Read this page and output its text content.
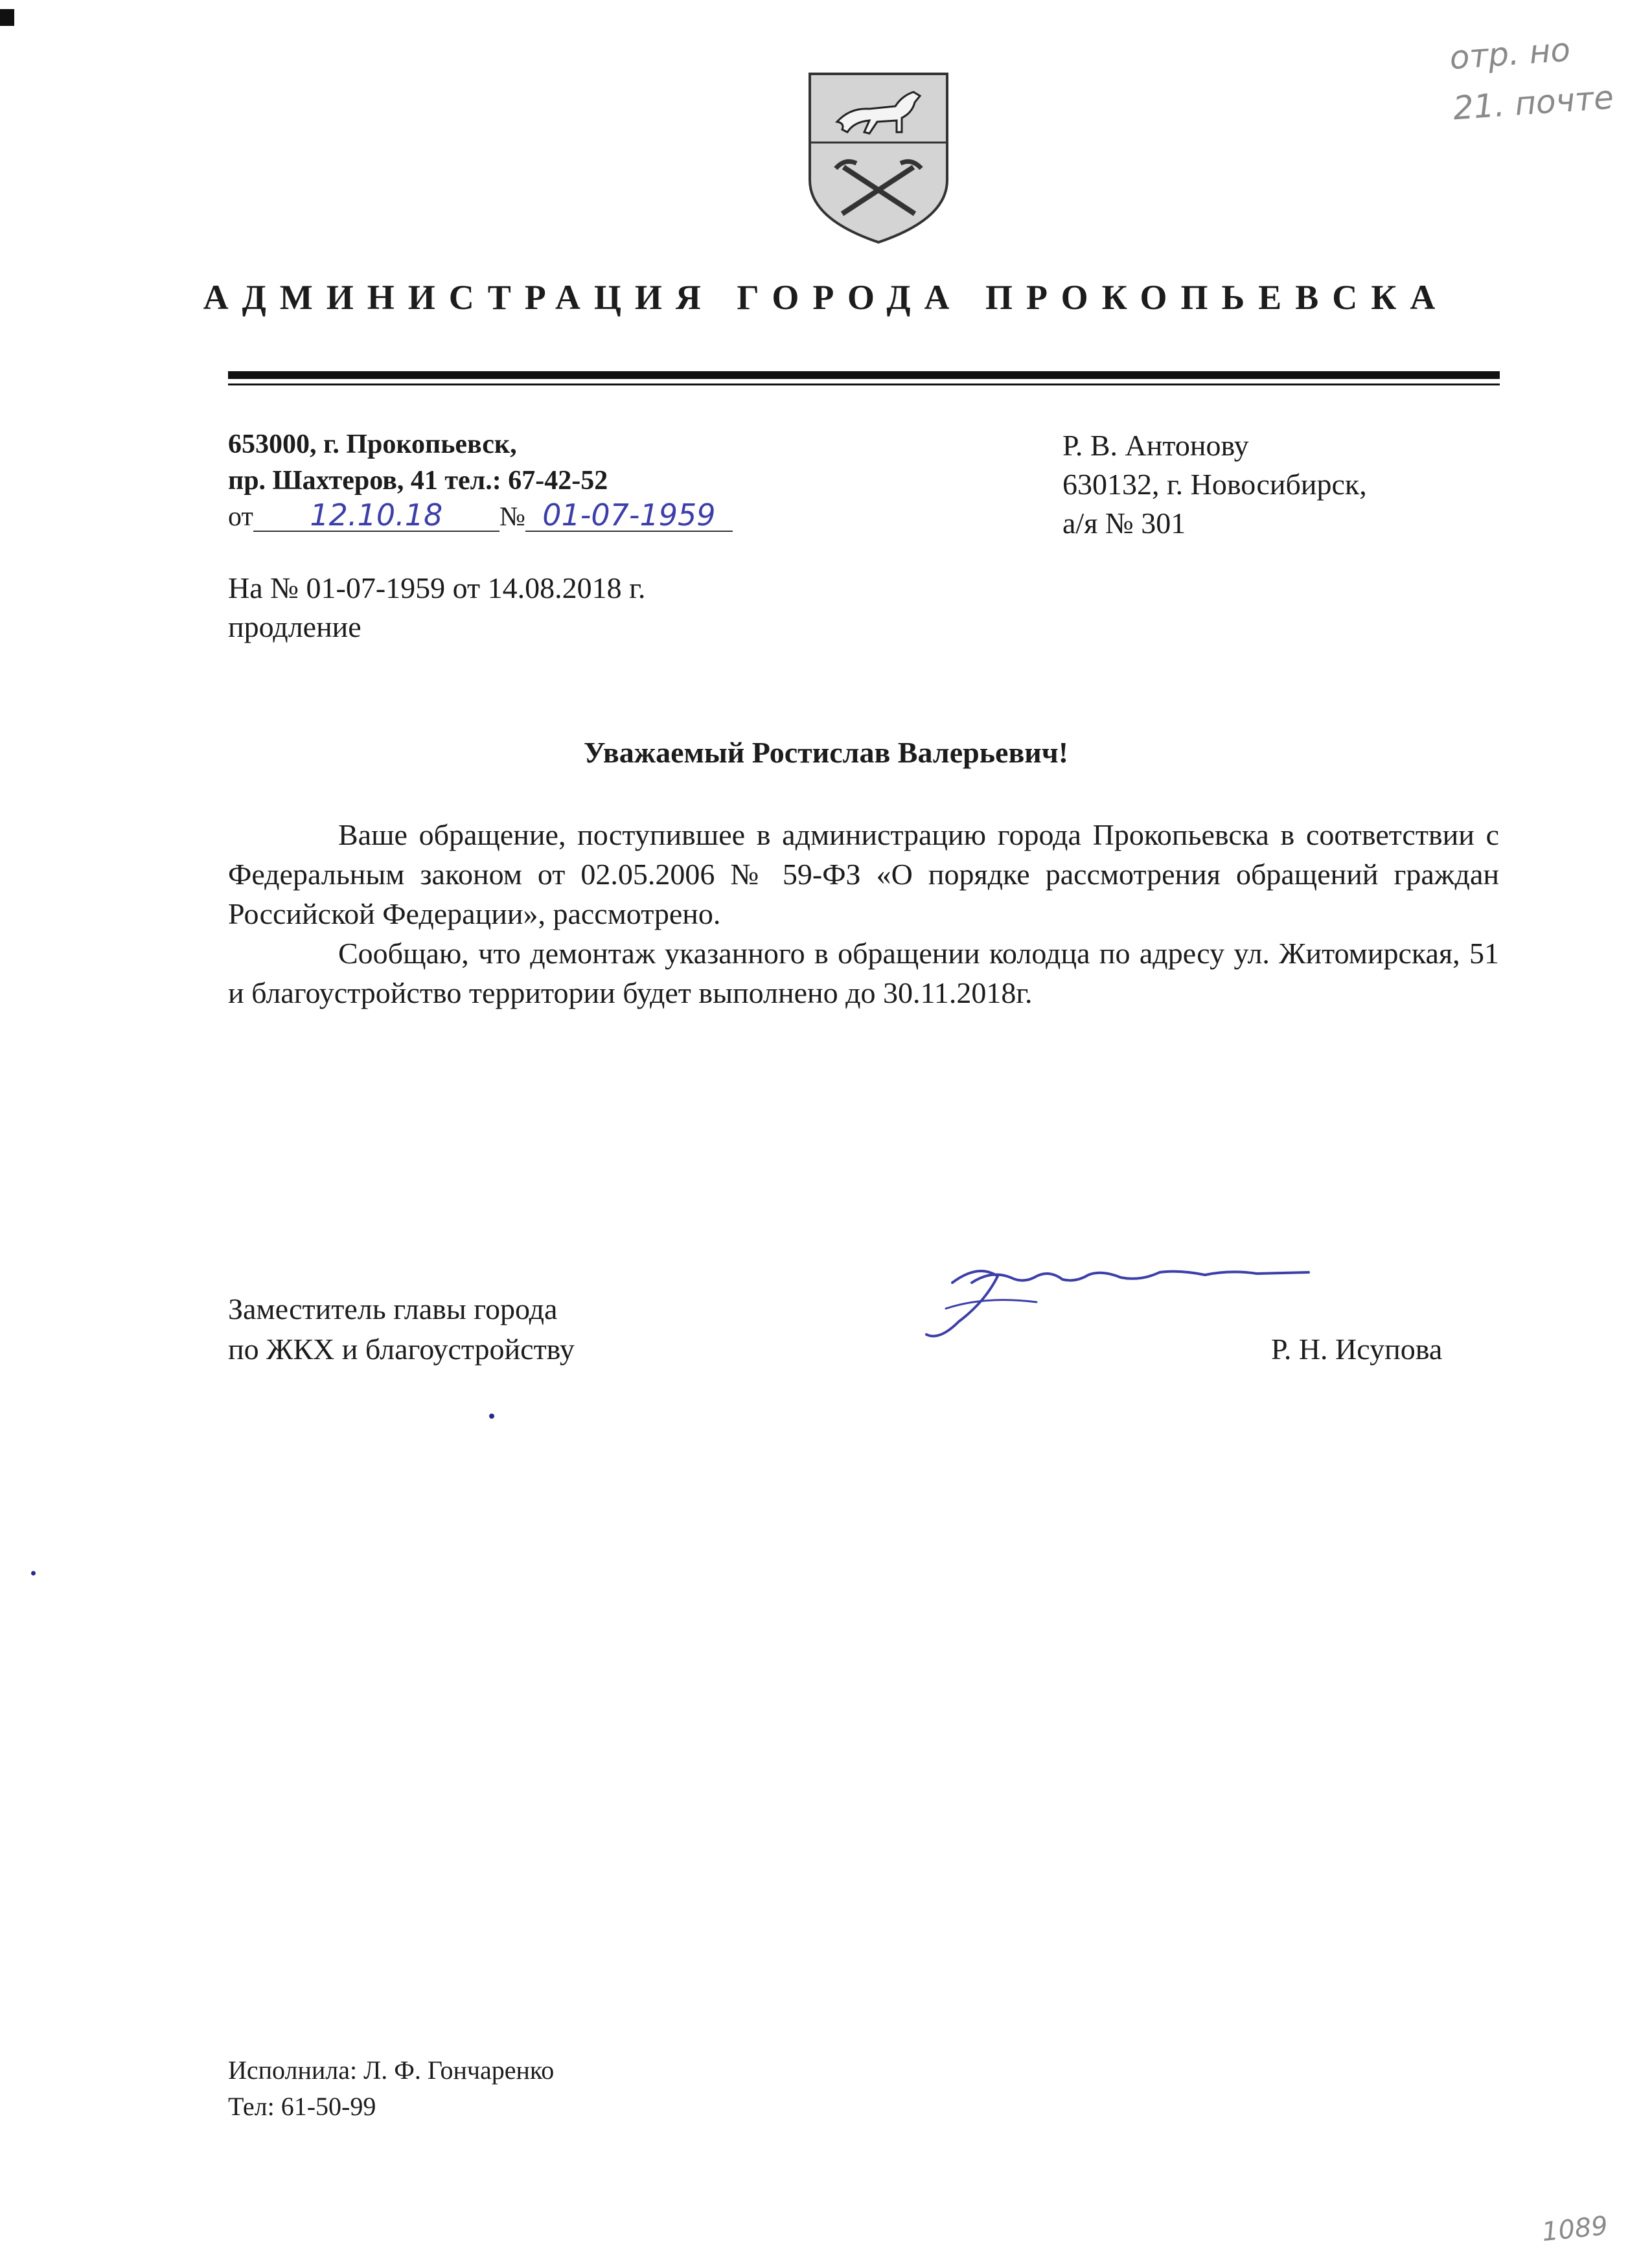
отр. но
21. почте
АДМИНИСТРАЦИЯ ГОРОДА ПРОКОПЬЕВСКА
653000, г. Прокопьевск,
пр. Шахтеров, 41 тел.: 67-42-52
от 12.10.18 № 01-07-1959
На № 01-07-1959 от 14.08.2018 г.
продление
Р. В. Антонову
630132, г. Новосибирск,
а/я № 301
Уважаемый Ростислав Валерьевич!

Ваше обращение, поступившее в администрацию города Прокопьевска в соответствии с Федеральным законом от 02.05.2006 № 59-ФЗ «О порядке рассмотрения обращений граждан Российской Федерации», рассмотрено.

Сообщаю, что демонтаж указанного в обращении колодца по адресу ул. Житомирская, 51 и благоустройство территории будет выполнено до 30.11.2018г.

Заместитель главы города
по ЖКХ и благоустройству	Р. Н. Исупова
Исполнила: Л. Ф. Гончаренко
Тел: 61-50-99
1089
